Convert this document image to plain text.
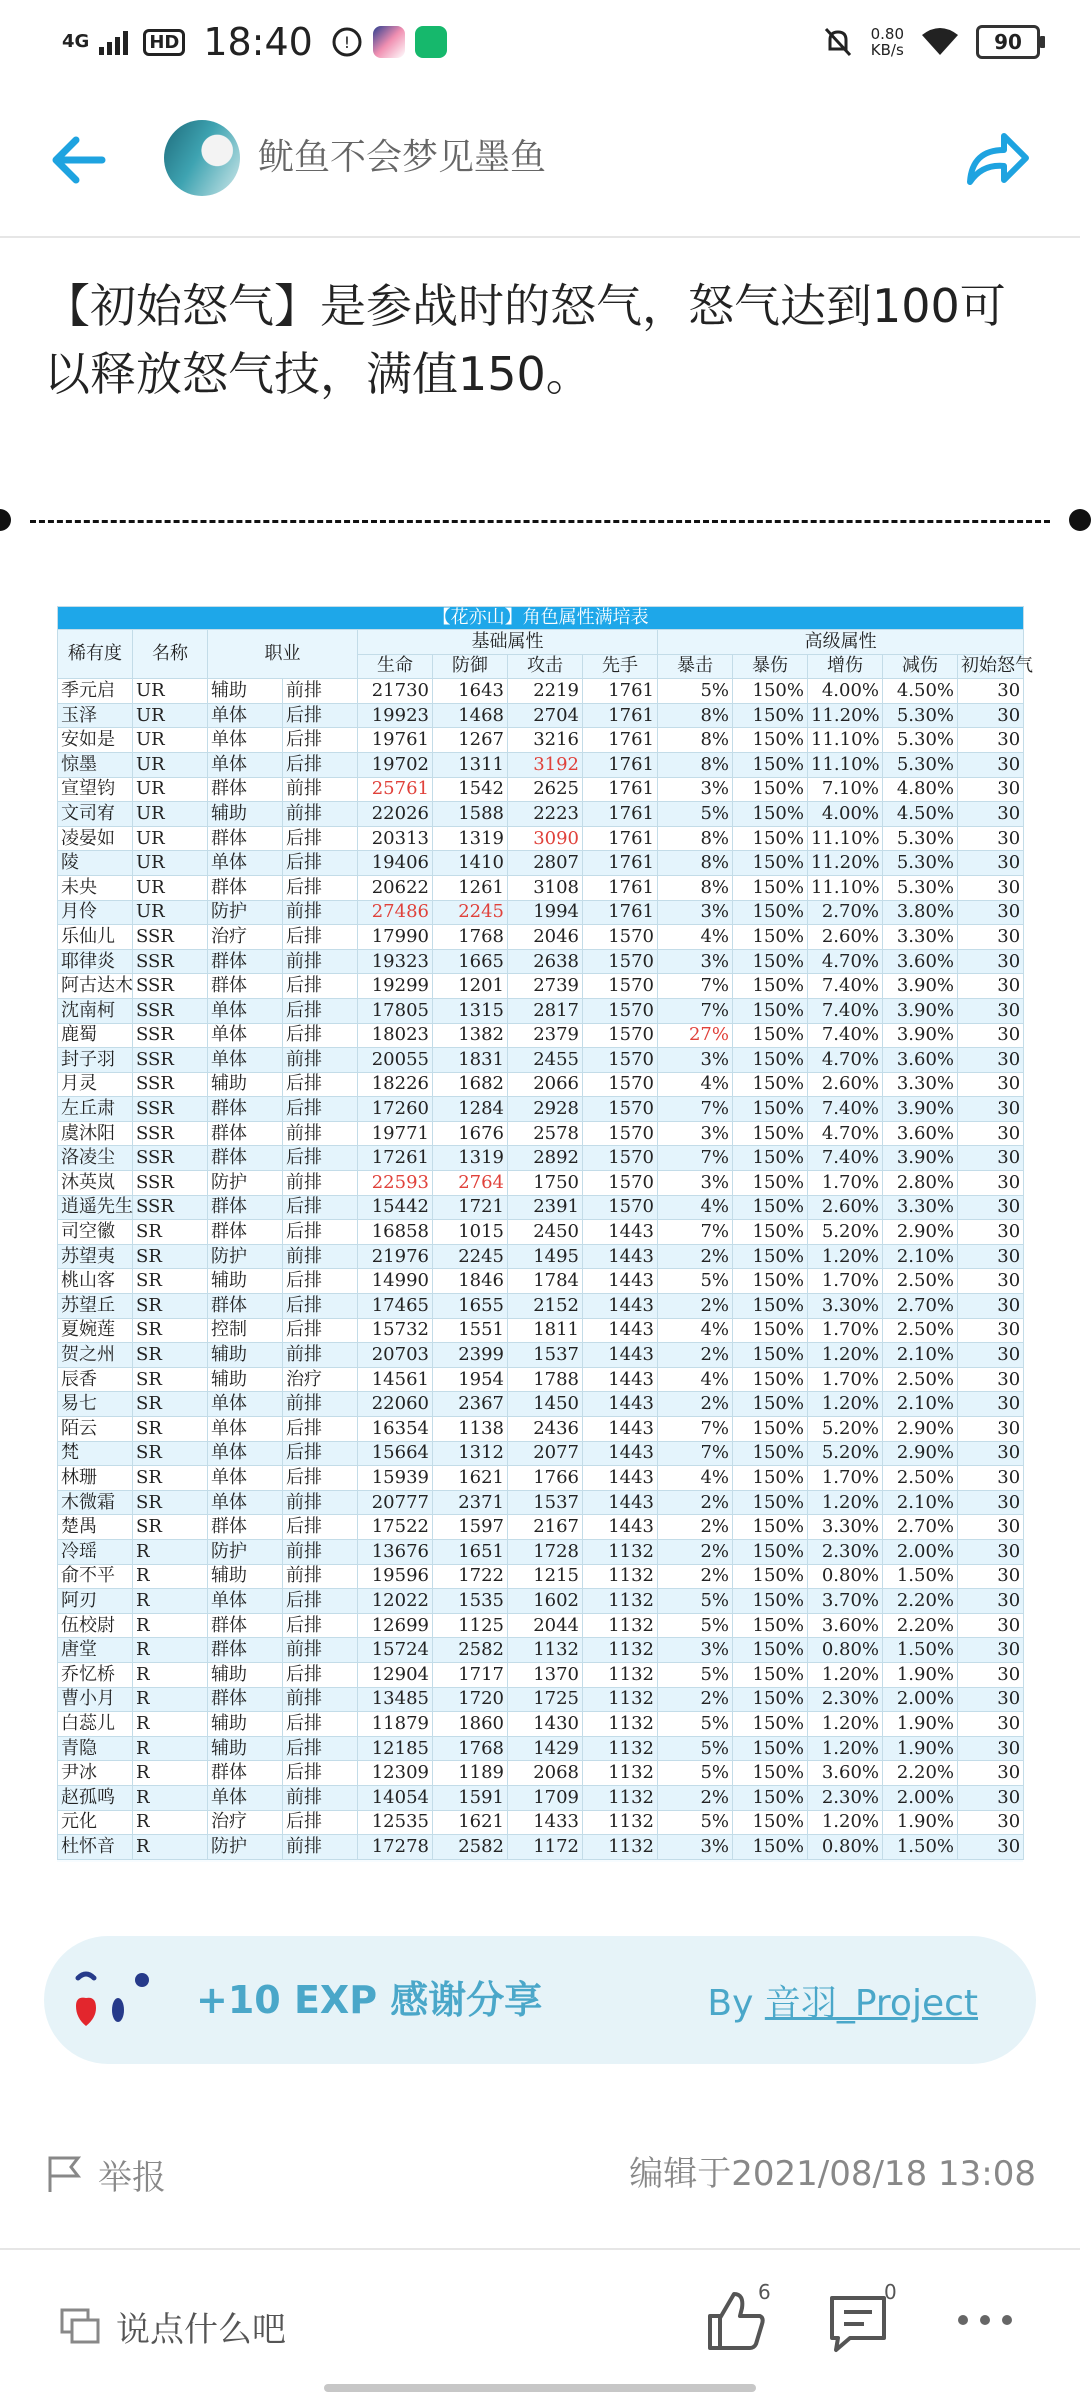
4G	HD 18:40 !	0.80
KB/s	90
鱿鱼不会梦见墨鱼
【初始怒气】是参战时的怒气，怒气达到100可以释放怒气技，满值150。
【花亦山】角色属性满培表												
稀有度	名称	职业		基础属性				高级属性				
				生命	防御	攻击	先手	暴击	暴伤	增伤	减伤	初始怒气
季元启	UR	辅助	前排	21730	1643	2219	1761	5%	150%	4.00%	4.50%	30
玉泽	UR	单体	后排	19923	1468	2704	1761	8%	150%	11.20%	5.30%	30
安如是	UR	单体	后排	19761	1267	3216	1761	8%	150%	11.10%	5.30%	30
惊墨	UR	单体	后排	19702	1311	3192	1761	8%	150%	11.10%	5.30%	30
宣望钧	UR	群体	前排	25761	1542	2625	1761	3%	150%	7.10%	4.80%	30
文司宥	UR	辅助	前排	22026	1588	2223	1761	5%	150%	4.00%	4.50%	30
凌晏如	UR	群体	后排	20313	1319	3090	1761	8%	150%	11.10%	5.30%	30
陵	UR	单体	后排	19406	1410	2807	1761	8%	150%	11.20%	5.30%	30
未央	UR	群体	后排	20622	1261	3108	1761	8%	150%	11.10%	5.30%	30
月伶	UR	防护	前排	27486	2245	1994	1761	3%	150%	2.70%	3.80%	30
乐仙儿	SSR	治疗	后排	17990	1768	2046	1570	4%	150%	2.60%	3.30%	30
耶律炎	SSR	群体	前排	19323	1665	2638	1570	3%	150%	4.70%	3.60%	30
阿古达木	SSR	群体	后排	19299	1201	2739	1570	7%	150%	7.40%	3.90%	30
沈南柯	SSR	单体	后排	17805	1315	2817	1570	7%	150%	7.40%	3.90%	30
鹿蜀	SSR	单体	后排	18023	1382	2379	1570	27%	150%	7.40%	3.90%	30
封子羽	SSR	单体	前排	20055	1831	2455	1570	3%	150%	4.70%	3.60%	30
月灵	SSR	辅助	后排	18226	1682	2066	1570	4%	150%	2.60%	3.30%	30
左丘肃	SSR	群体	后排	17260	1284	2928	1570	7%	150%	7.40%	3.90%	30
虞沐阳	SSR	群体	前排	19771	1676	2578	1570	3%	150%	4.70%	3.60%	30
洛凌尘	SSR	群体	后排	17261	1319	2892	1570	7%	150%	7.40%	3.90%	30
沐英岚	SSR	防护	前排	22593	2764	1750	1570	3%	150%	1.70%	2.80%	30
逍遥先生	SSR	群体	后排	15442	1721	2391	1570	4%	150%	2.60%	3.30%	30
司空徽	SR	群体	后排	16858	1015	2450	1443	7%	150%	5.20%	2.90%	30
苏望夷	SR	防护	前排	21976	2245	1495	1443	2%	150%	1.20%	2.10%	30
桃山客	SR	辅助	后排	14990	1846	1784	1443	5%	150%	1.70%	2.50%	30
苏望丘	SR	群体	后排	17465	1655	2152	1443	2%	150%	3.30%	2.70%	30
夏婉莲	SR	控制	后排	15732	1551	1811	1443	4%	150%	1.70%	2.50%	30
贺之州	SR	辅助	前排	20703	2399	1537	1443	2%	150%	1.20%	2.10%	30
辰香	SR	辅助	治疗	14561	1954	1788	1443	4%	150%	1.70%	2.50%	30
易七	SR	单体	前排	22060	2367	1450	1443	2%	150%	1.20%	2.10%	30
陌云	SR	单体	后排	16354	1138	2436	1443	7%	150%	5.20%	2.90%	30
梵	SR	单体	后排	15664	1312	2077	1443	7%	150%	5.20%	2.90%	30
林珊	SR	单体	后排	15939	1621	1766	1443	4%	150%	1.70%	2.50%	30
木微霜	SR	单体	前排	20777	2371	1537	1443	2%	150%	1.20%	2.10%	30
楚禺	SR	群体	后排	17522	1597	2167	1443	2%	150%	3.30%	2.70%	30
冷瑶	R	防护	前排	13676	1651	1728	1132	2%	150%	2.30%	2.00%	30
俞不平	R	辅助	前排	19596	1722	1215	1132	2%	150%	0.80%	1.50%	30
阿刃	R	单体	后排	12022	1535	1602	1132	5%	150%	3.70%	2.20%	30
伍校尉	R	群体	后排	12699	1125	2044	1132	5%	150%	3.60%	2.20%	30
唐堂	R	群体	前排	15724	2582	1132	1132	3%	150%	0.80%	1.50%	30
乔忆桥	R	辅助	后排	12904	1717	1370	1132	5%	150%	1.20%	1.90%	30
曹小月	R	群体	前排	13485	1720	1725	1132	2%	150%	2.30%	2.00%	30
白蕊儿	R	辅助	后排	11879	1860	1430	1132	5%	150%	1.20%	1.90%	30
青隐	R	辅助	后排	12185	1768	1429	1132	5%	150%	1.20%	1.90%	30
尹冰	R	群体	后排	12309	1189	2068	1132	5%	150%	3.60%	2.20%	30
赵孤鸣	R	单体	前排	14054	1591	1709	1132	2%	150%	2.30%	2.00%	30
元化	R	治疗	后排	12535	1621	1433	1132	5%	150%	1.20%	1.90%	30
杜怀音	R	防护	前排	17278	2582	1172	1132	3%	150%	0.80%	1.50%	30
+10 EXP 感谢分享	By 音羽_Project
举报	编辑于2021/08/18 13:08
说点什么吧
6	0
